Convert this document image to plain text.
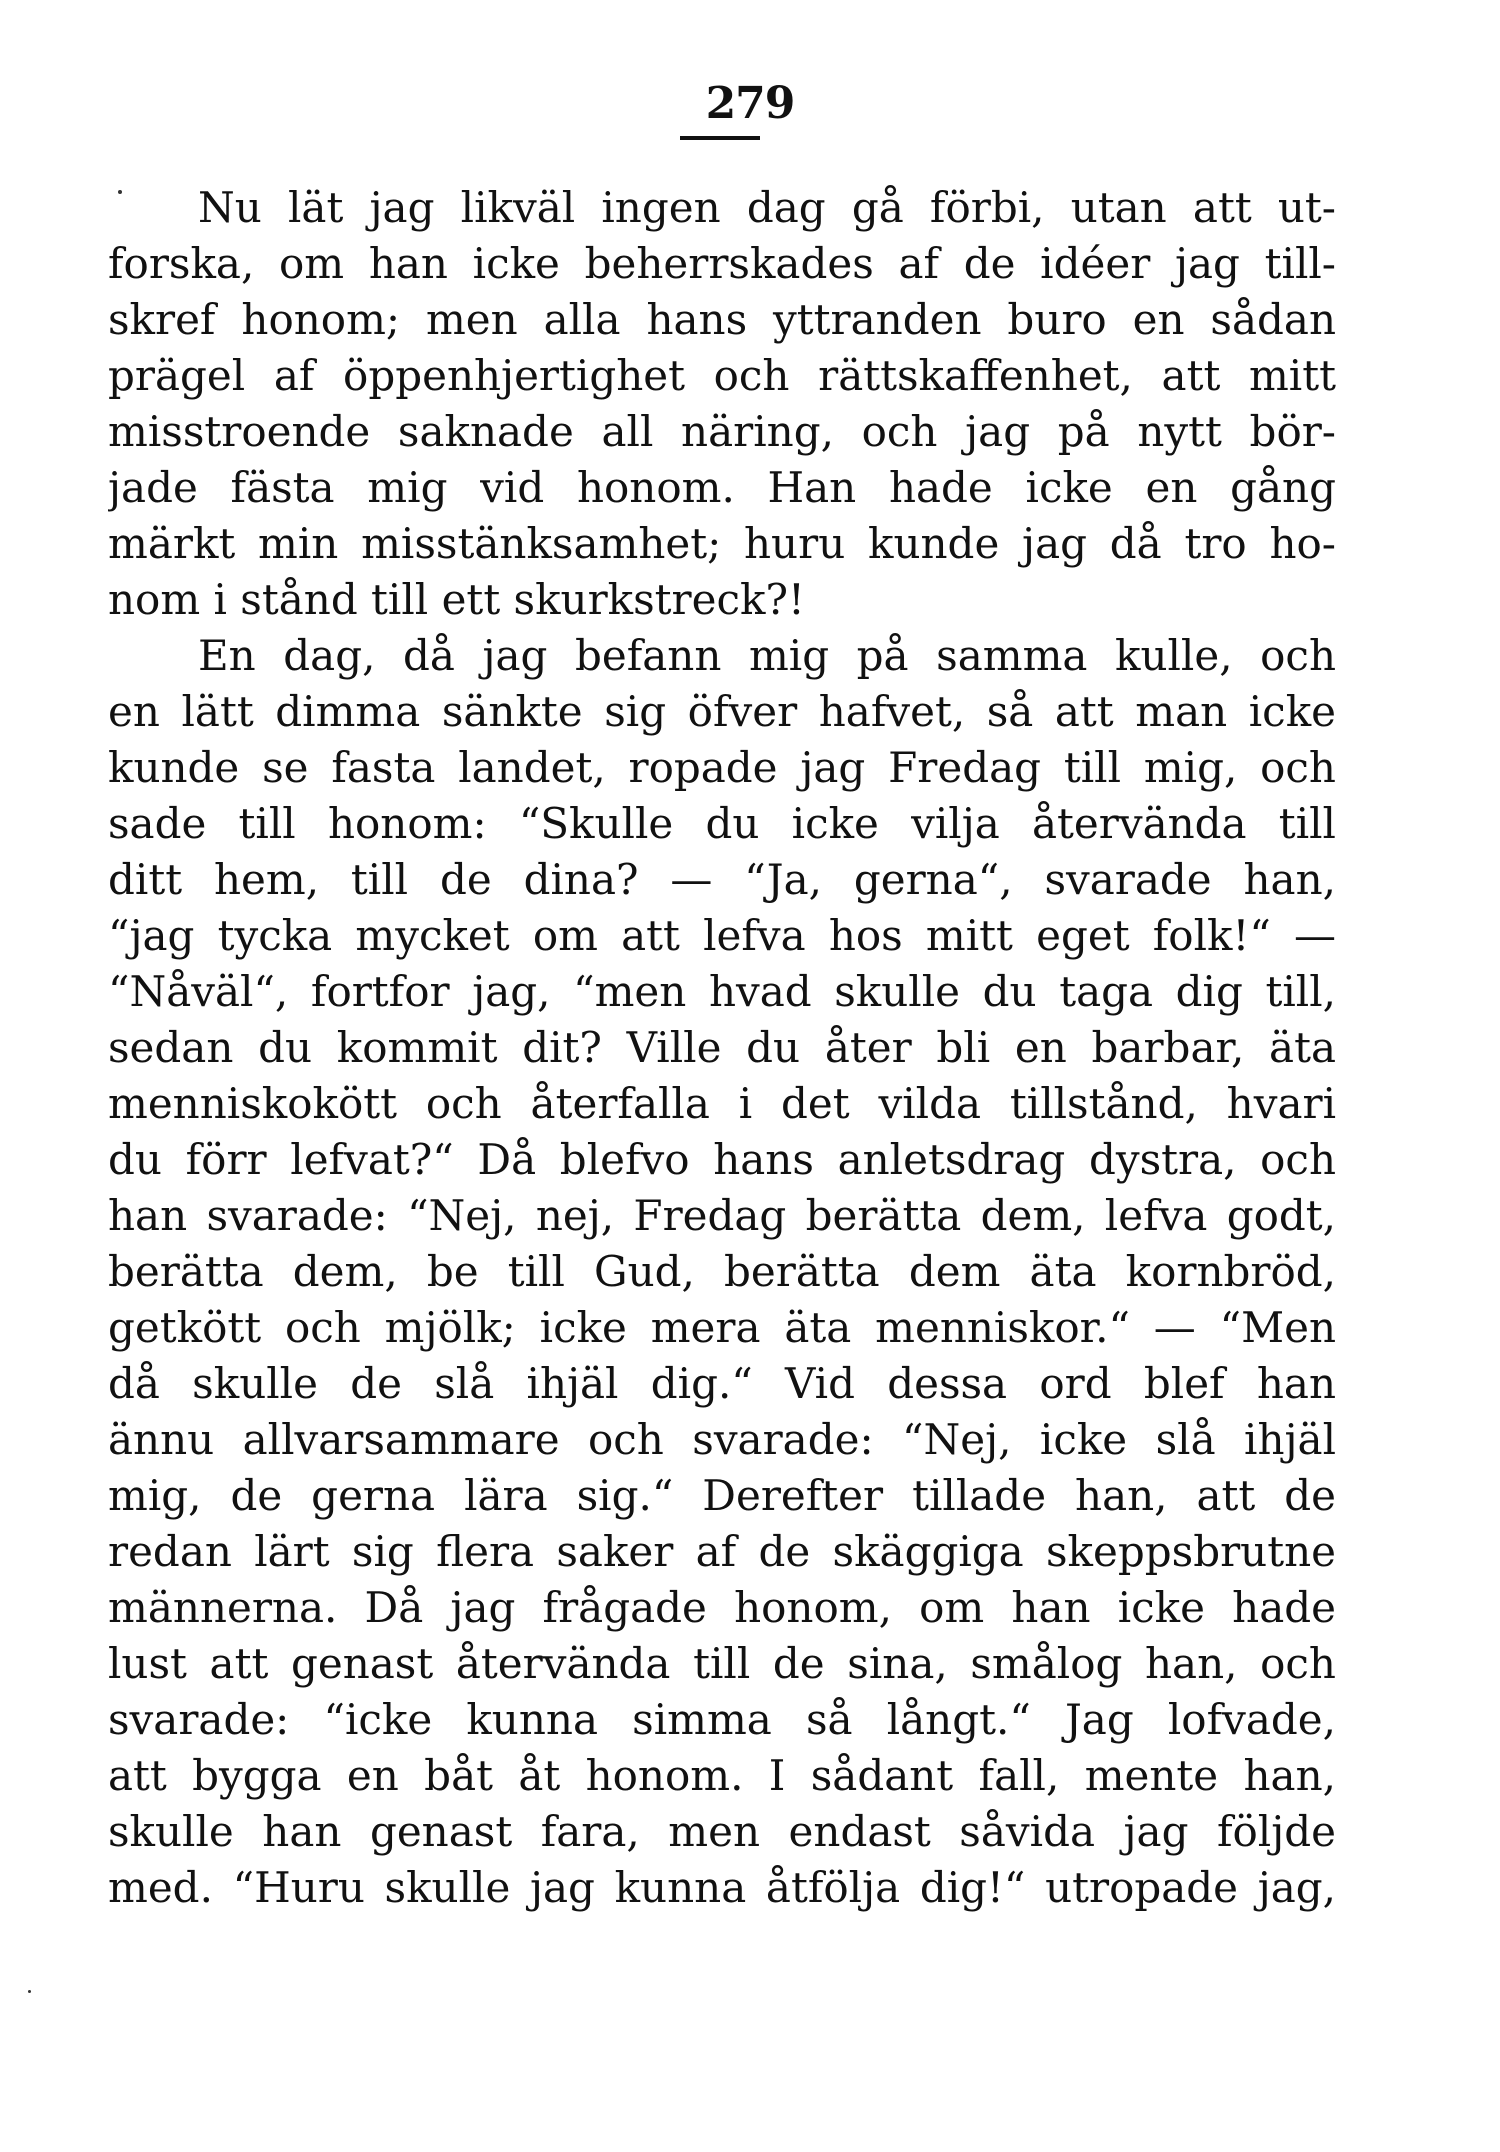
279
Nu lät jag likväl ingen dag gå förbi, utan att ut-
forska, om han icke beherrskades af de idéer jag till-
skref honom; men alla hans yttranden buro en sådan
prägel af öppenhjertighet och rättskaffenhet, att mitt
misstroende saknade all näring, och jag på nytt bör-
jade fästa mig vid honom. Han hade icke en gång
märkt min misstänksamhet; huru kunde jag då tro ho-
nom i stånd till ett skurkstreck?!
En dag, då jag befann mig på samma kulle, och
en lätt dimma sänkte sig öfver hafvet, så att man icke
kunde se fasta landet, ropade jag Fredag till mig, och
sade till honom: “Skulle du icke vilja återvända till
ditt hem, till de dina? — “Ja, gerna“, svarade han,
“jag tycka mycket om att lefva hos mitt eget folk!“ —
“Nåväl“, fortfor jag, “men hvad skulle du taga dig till,
sedan du kommit dit? Ville du åter bli en barbar, äta
menniskokött och återfalla i det vilda tillstånd, hvari
du förr lefvat?“ Då blefvo hans anletsdrag dystra, och
han svarade: “Nej, nej, Fredag berätta dem, lefva godt,
berätta dem, be till Gud, berätta dem äta kornbröd,
getkött och mjölk; icke mera äta menniskor.“ — “Men
då skulle de slå ihjäl dig.“ Vid dessa ord blef han
ännu allvarsammare och svarade: “Nej, icke slå ihjäl
mig, de gerna lära sig.“ Derefter tillade han, att de
redan lärt sig flera saker af de skäggiga skeppsbrutne
männerna. Då jag frågade honom, om han icke hade
lust att genast återvända till de sina, smålog han, och
svarade: “icke kunna simma så långt.“ Jag lofvade,
att bygga en båt åt honom. I sådant fall, mente han,
skulle han genast fara, men endast såvida jag följde
med. “Huru skulle jag kunna åtfölja dig!“ utropade jag,
